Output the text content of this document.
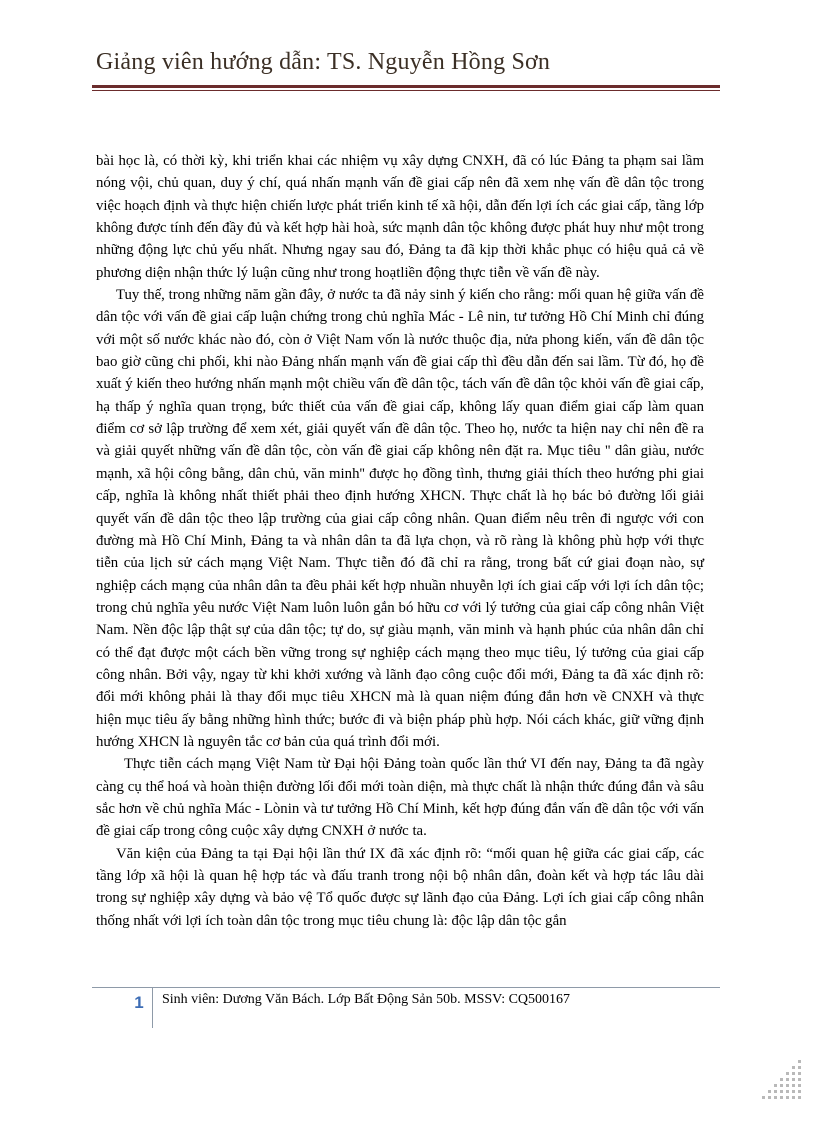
Giảng viên hướng dẫn: TS. Nguyễn Hồng Sơn

bài học là, có thời kỳ, khi triển khai các nhiệm vụ xây dựng CNXH, đã có lúc Đảng ta phạm sai lầm nóng vội, chủ quan, duy ý chí, quá nhấn mạnh vấn đề giai cấp nên đã xem nhẹ vấn đề dân tộc trong việc hoạch định và thực hiện chiến lược phát triển kinh tế xã hội, dẫn đến lợi ích các giai cấp, tầng lớp không được tính đến đầy đủ và kết hợp hài hoà, sức mạnh dân tộc không được phát huy như một trong những động lực chủ yếu nhất. Nhưng ngay sau đó, Đảng ta đã kịp thời khắc phục có hiệu quả cả về phương diện nhận thức lý luận cũng như trong hoạtliền động thực tiễn về vấn đề này.

Tuy thế, trong những năm gần đây, ở nước ta đã nảy sinh ý kiến cho rằng: mối quan hệ giữa vấn đề dân tộc với vấn đề giai cấp luận chứng trong chủ nghĩa Mác - Lê nin, tư tưởng Hồ Chí Minh chỉ đúng với một số nước khác nào đó, còn ở Việt Nam vốn là nước thuộc địa, nửa phong kiến, vấn đề dân tộc bao giờ cũng chi phối, khi nào Đảng nhấn mạnh vấn đề giai cấp thì đều dẫn đến sai lầm. Từ đó, họ đề xuất ý kiến theo hướng nhấn mạnh một chiều vấn đề dân tộc, tách vấn đề dân tộc khỏi vấn đề giai cấp, hạ thấp ý nghĩa quan trọng, bức thiết của vấn đề giai cấp, không lấy quan điểm giai cấp làm quan điểm cơ sở lập trường để xem xét, giải quyết vấn đề dân tộc. Theo họ, nước ta hiện nay chỉ nên đề ra và giải quyết những vấn đề dân tộc, còn vấn đề giai cấp không nên đặt ra. Mục tiêu '' dân giàu, nước mạnh, xã hội công bằng, dân chủ, văn minh'' được họ đồng tình, thưng giải thích theo hướng phi giai cấp, nghĩa là không nhất thiết phải theo định hướng XHCN. Thực chất là họ bác bỏ đường lối giải quyết vấn đề dân tộc theo lập trường của giai cấp công nhân. Quan điểm nêu trên đi ngược với con đường mà Hồ Chí Minh, Đảng ta và nhân dân ta đã lựa chọn, và rõ ràng là không phù hợp với thực tiễn của lịch sử cách mạng Việt Nam. Thực tiễn đó đã chỉ ra rằng, trong bất cứ giai đoạn nào, sự nghiệp cách mạng của nhân dân ta đều phải kết hợp nhuần nhuyễn lợi ích giai cấp với lợi ích dân tộc; trong chủ nghĩa yêu nước Việt Nam luôn luôn gắn bó hữu cơ với lý tưởng của giai cấp công nhân Việt Nam. Nền độc lập thật sự của dân tộc; tự do, sự giàu mạnh, văn minh và hạnh phúc của nhân dân chỉ có thể đạt được một cách bền vững trong sự nghiệp cách mạng theo mục tiêu, lý tưởng của giai cấp công nhân. Bởi vậy, ngay từ khi khởi xướng và lãnh đạo công cuộc đổi mới, Đảng ta đã xác định rõ: đổi mới không phải là thay đổi mục tiêu XHCN mà là quan niệm đúng đắn hơn về CNXH và thực hiện mục tiêu ấy bằng những hình thức; bước đi và biện pháp phù hợp. Nói cách khác, giữ vững định hướng XHCN là nguyên tắc cơ bản của quá trình đổi mới.

Thực tiễn cách mạng Việt Nam từ Đại hội Đảng toàn quốc lần thứ VI đến nay, Đảng ta đã ngày càng cụ thể hoá và hoàn thiện đường lối đổi mới toàn diện, mà thực chất là nhận thức đúng đắn và sâu sắc hơn về chủ nghĩa Mác - Lònin và tư tưởng Hồ Chí Minh, kết hợp đúng đắn vấn đề dân tộc với vấn đề giai cấp trong công cuộc xây dựng CNXH ở nước ta.

Văn kiện của Đảng ta tại Đại hội lần thứ IX đã xác định rõ: “mối quan hệ giữa các giai cấp, các tầng lớp xã hội là quan hệ hợp tác và đấu tranh trong nội bộ nhân dân, đoàn kết và hợp tác lâu dài trong sự nghiệp xây dựng và bảo vệ Tổ quốc được sự lãnh đạo của Đảng. Lợi ích giai cấp công nhân thống nhất với lợi ích toàn dân tộc trong mục tiêu chung là: độc lập dân tộc gắn

1	Sinh viên: Dương Văn Bách. Lớp Bất Động Sản 50b. MSSV: CQ500167
